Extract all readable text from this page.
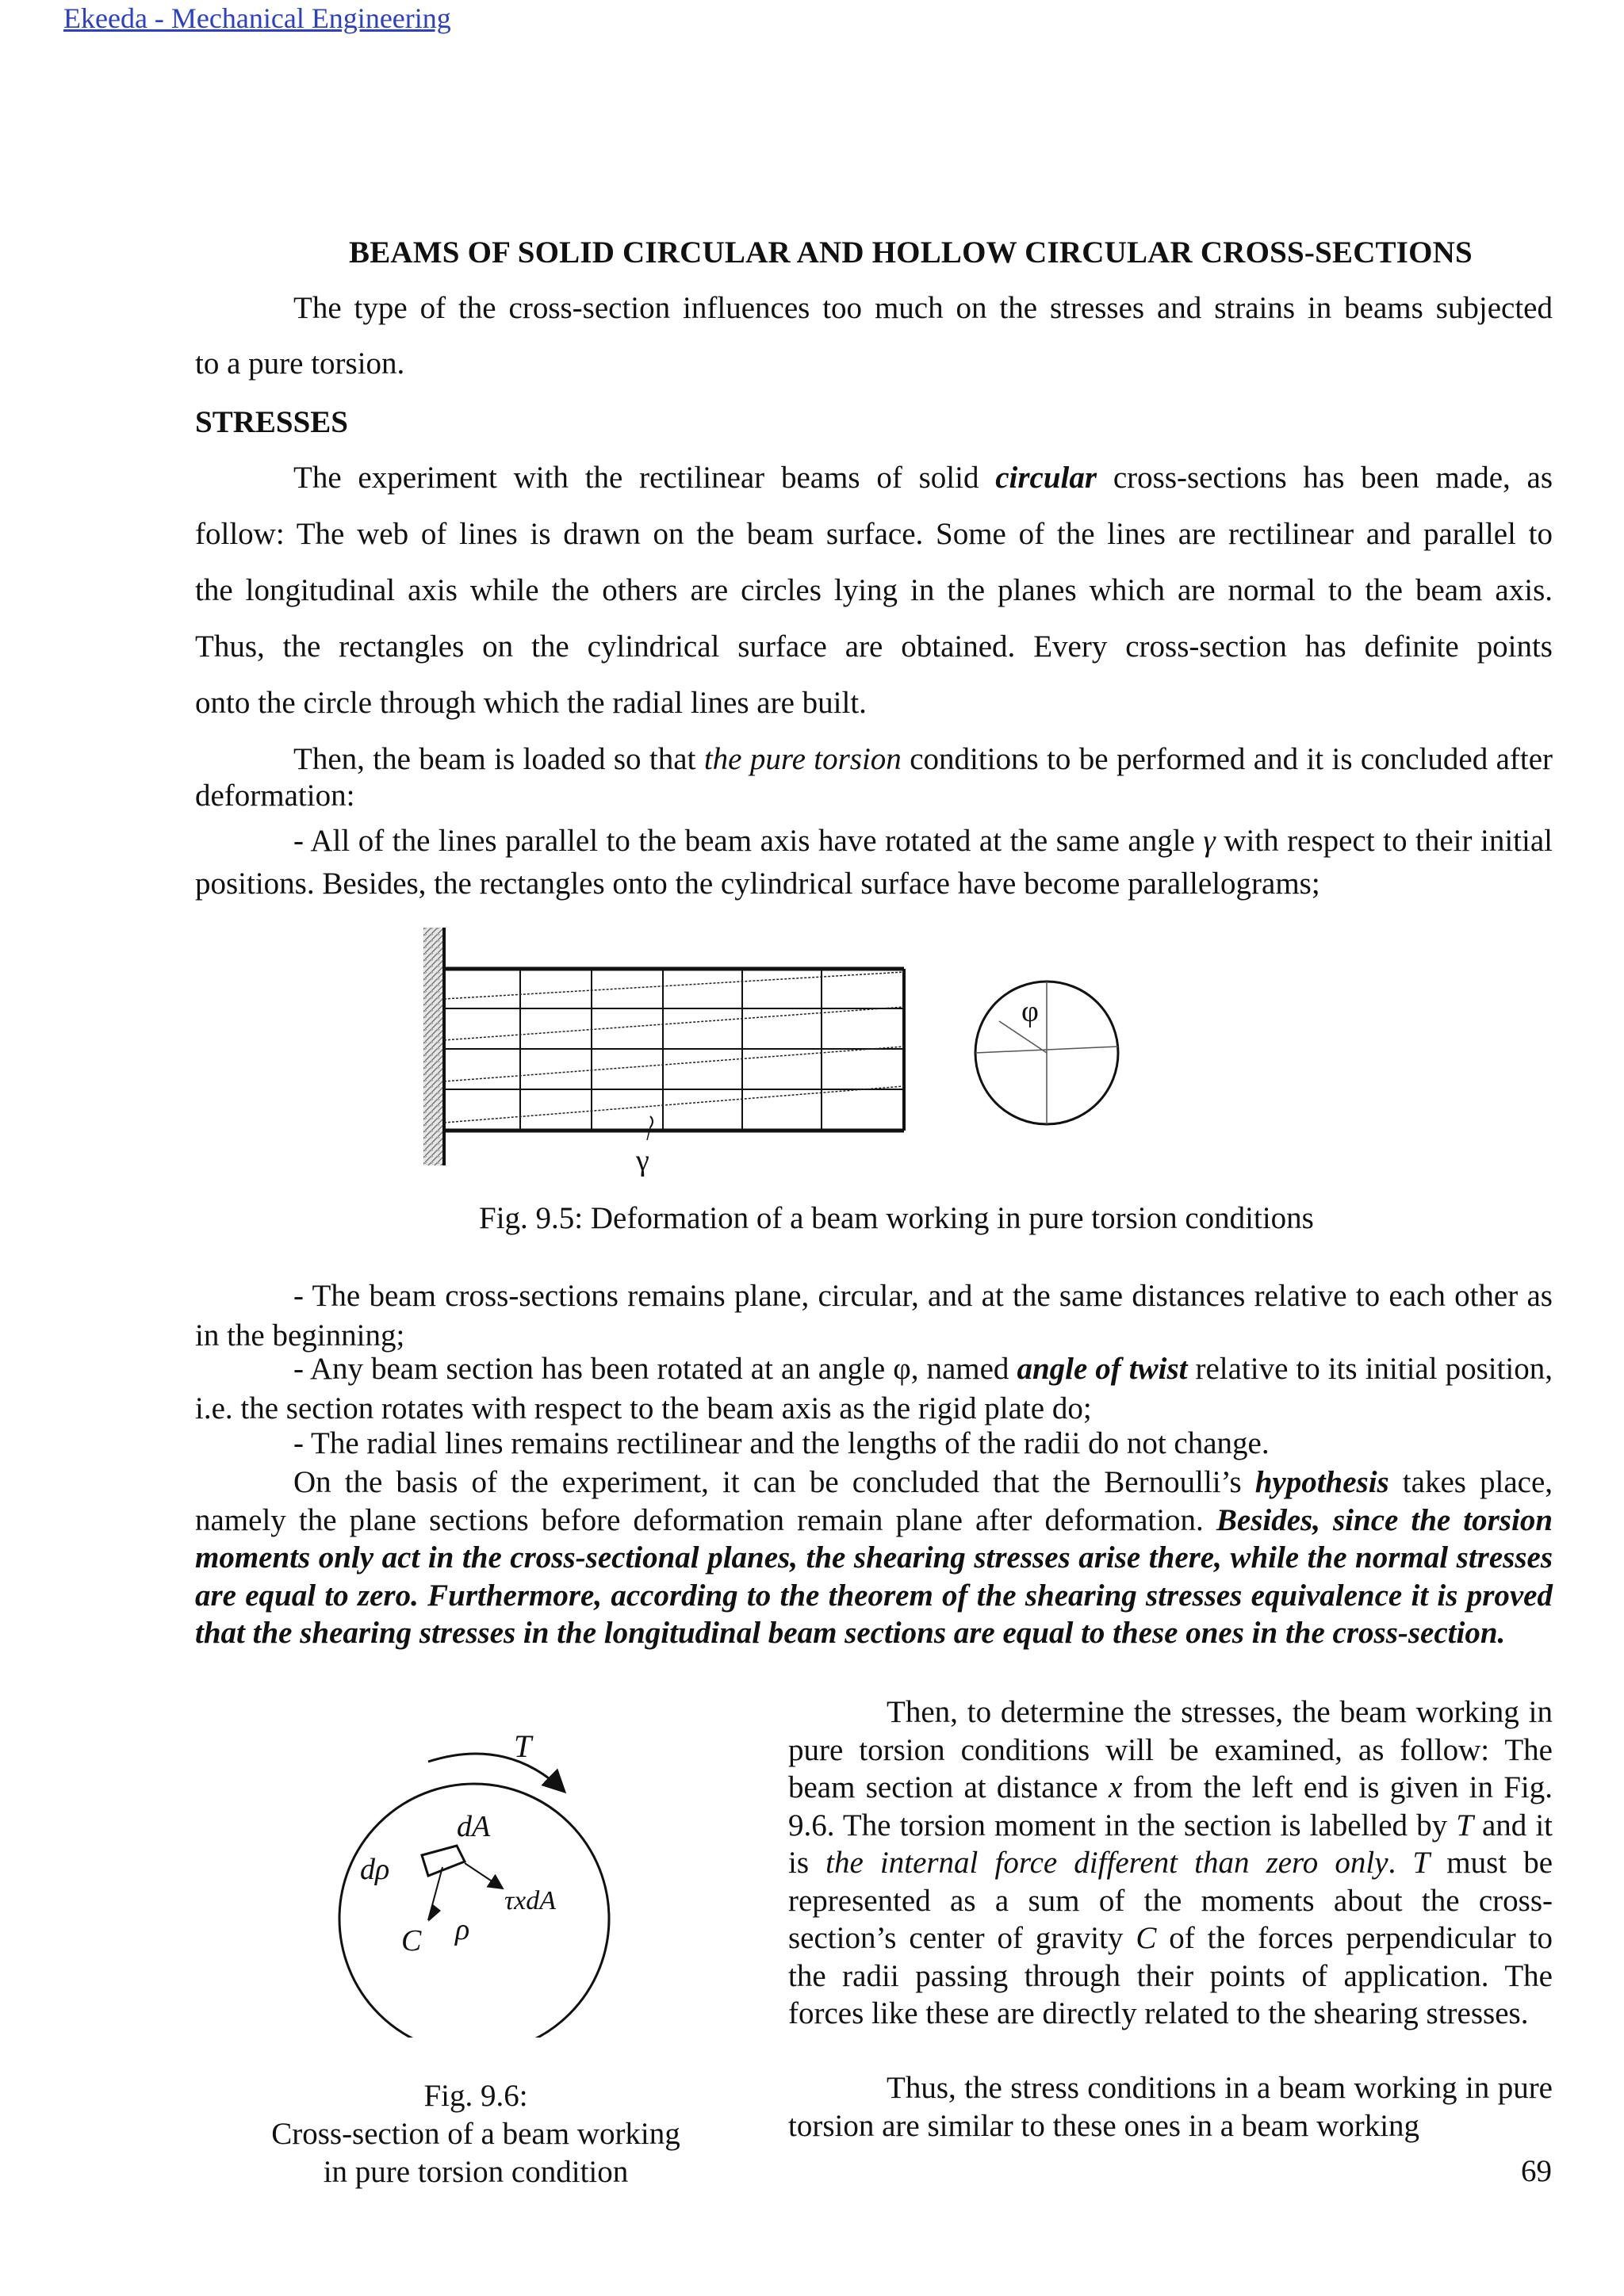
Ekeeda - Mechanical Engineering
BEAMS OF SOLID CIRCULAR AND HOLLOW CIRCULAR CROSS-SECTIONS
The type of the cross-section influences too much on the stresses and strains in beams subjected
to a pure torsion.
STRESSES
The experiment with the rectilinear beams of solid circular cross-sections has been made, as
follow: The web of lines is drawn on the beam surface. Some of the lines are rectilinear and parallel to
the longitudinal axis while the others are circles lying in the planes which are normal to the beam axis.
Thus, the rectangles on the cylindrical surface are obtained. Every cross-section has definite points
onto the circle through which the radial lines are built.
Then, the beam is loaded so that the pure torsion conditions to be performed and it is concluded after deformation:
- All of the lines parallel to the beam axis have rotated at the same angle γ with respect to their initial positions. Besides, the rectangles onto the cylindrical surface have become parallelograms;
γ
φ
Fig. 9.5: Deformation of a beam working in pure torsion conditions
- The beam cross-sections remains plane, circular, and at the same distances relative to each other as in the beginning;
- Any beam section has been rotated at an angle φ, named angle of twist relative to its initial position, i.e. the section rotates with respect to the beam axis as the rigid plate do;
- The radial lines remains rectilinear and the lengths of the radii do not change.
On the basis of the experiment, it can be concluded that the Bernoulli’s hypothesis takes place, namely the plane sections before deformation remain plane after deformation. Besides, since the torsion moments only act in the cross-sectional planes, the shearing stresses arise there, while the normal stresses are equal to zero. Furthermore, according to the theorem of the shearing stresses equivalence it is proved that the shearing stresses in the longitudinal beam sections are equal to these ones in the cross-section.
T
dA
dρ
τxdA
C ρ
Fig. 9.6:
Cross-section of a beam working
in pure torsion condition
Then, to determine the stresses, the beam working in pure torsion conditions will be examined, as follow: The beam section at distance x from the left end is given in Fig. 9.6. The torsion moment in the section is labelled by T and it is the internal force different than zero only. T must be represented as a sum of the moments about the cross-section’s center of gravity C of the forces perpendicular to the radii passing through their points of application. The forces like these are directly related to the shearing stresses.
Thus, the stress conditions in a beam working in pure torsion are similar to these ones in a beam working
69
